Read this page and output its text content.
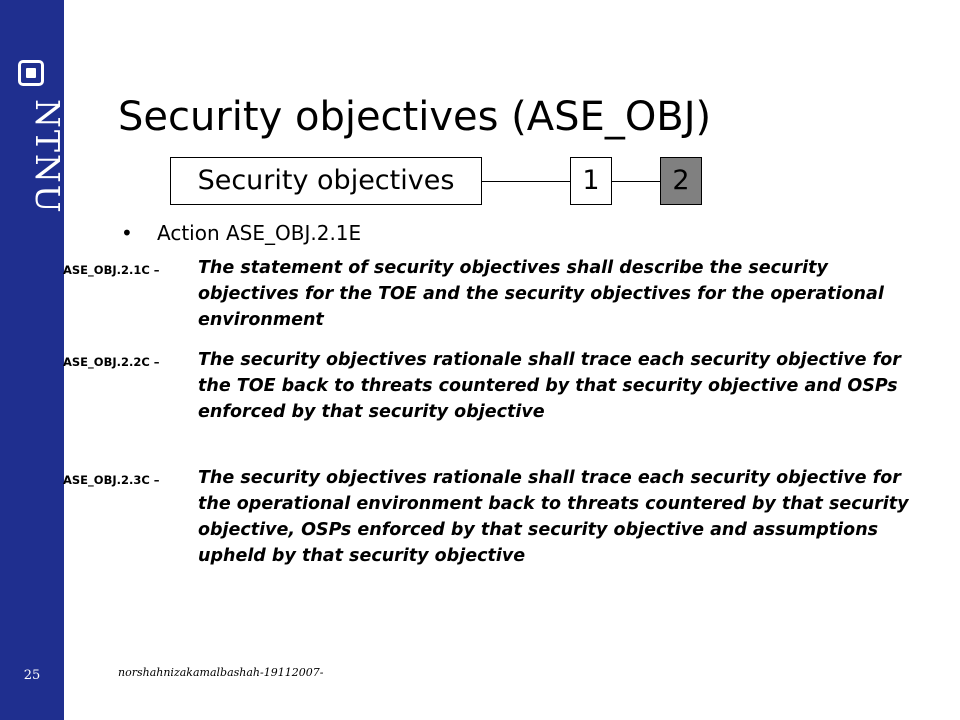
NTNU
25
Security objectives (ASE_OBJ)
Security objectives	1	2
• Action ASE_OBJ.2.1E
ASE_OBJ.2.1C – The statement of security objectives shall describe the security objectives for the TOE and the security objectives for the operational environment
ASE_OBJ.2.2C – The security objectives rationale shall trace each security objective for the TOE back to threats countered by that security objective and OSPs enforced by that security objective
ASE_OBJ.2.3C – The security objectives rationale shall trace each security objective for the operational environment back to threats countered by that security objective, OSPs enforced by that security objective and assumptions upheld by that security objective
norshahnizakamalbashah-19112007-
